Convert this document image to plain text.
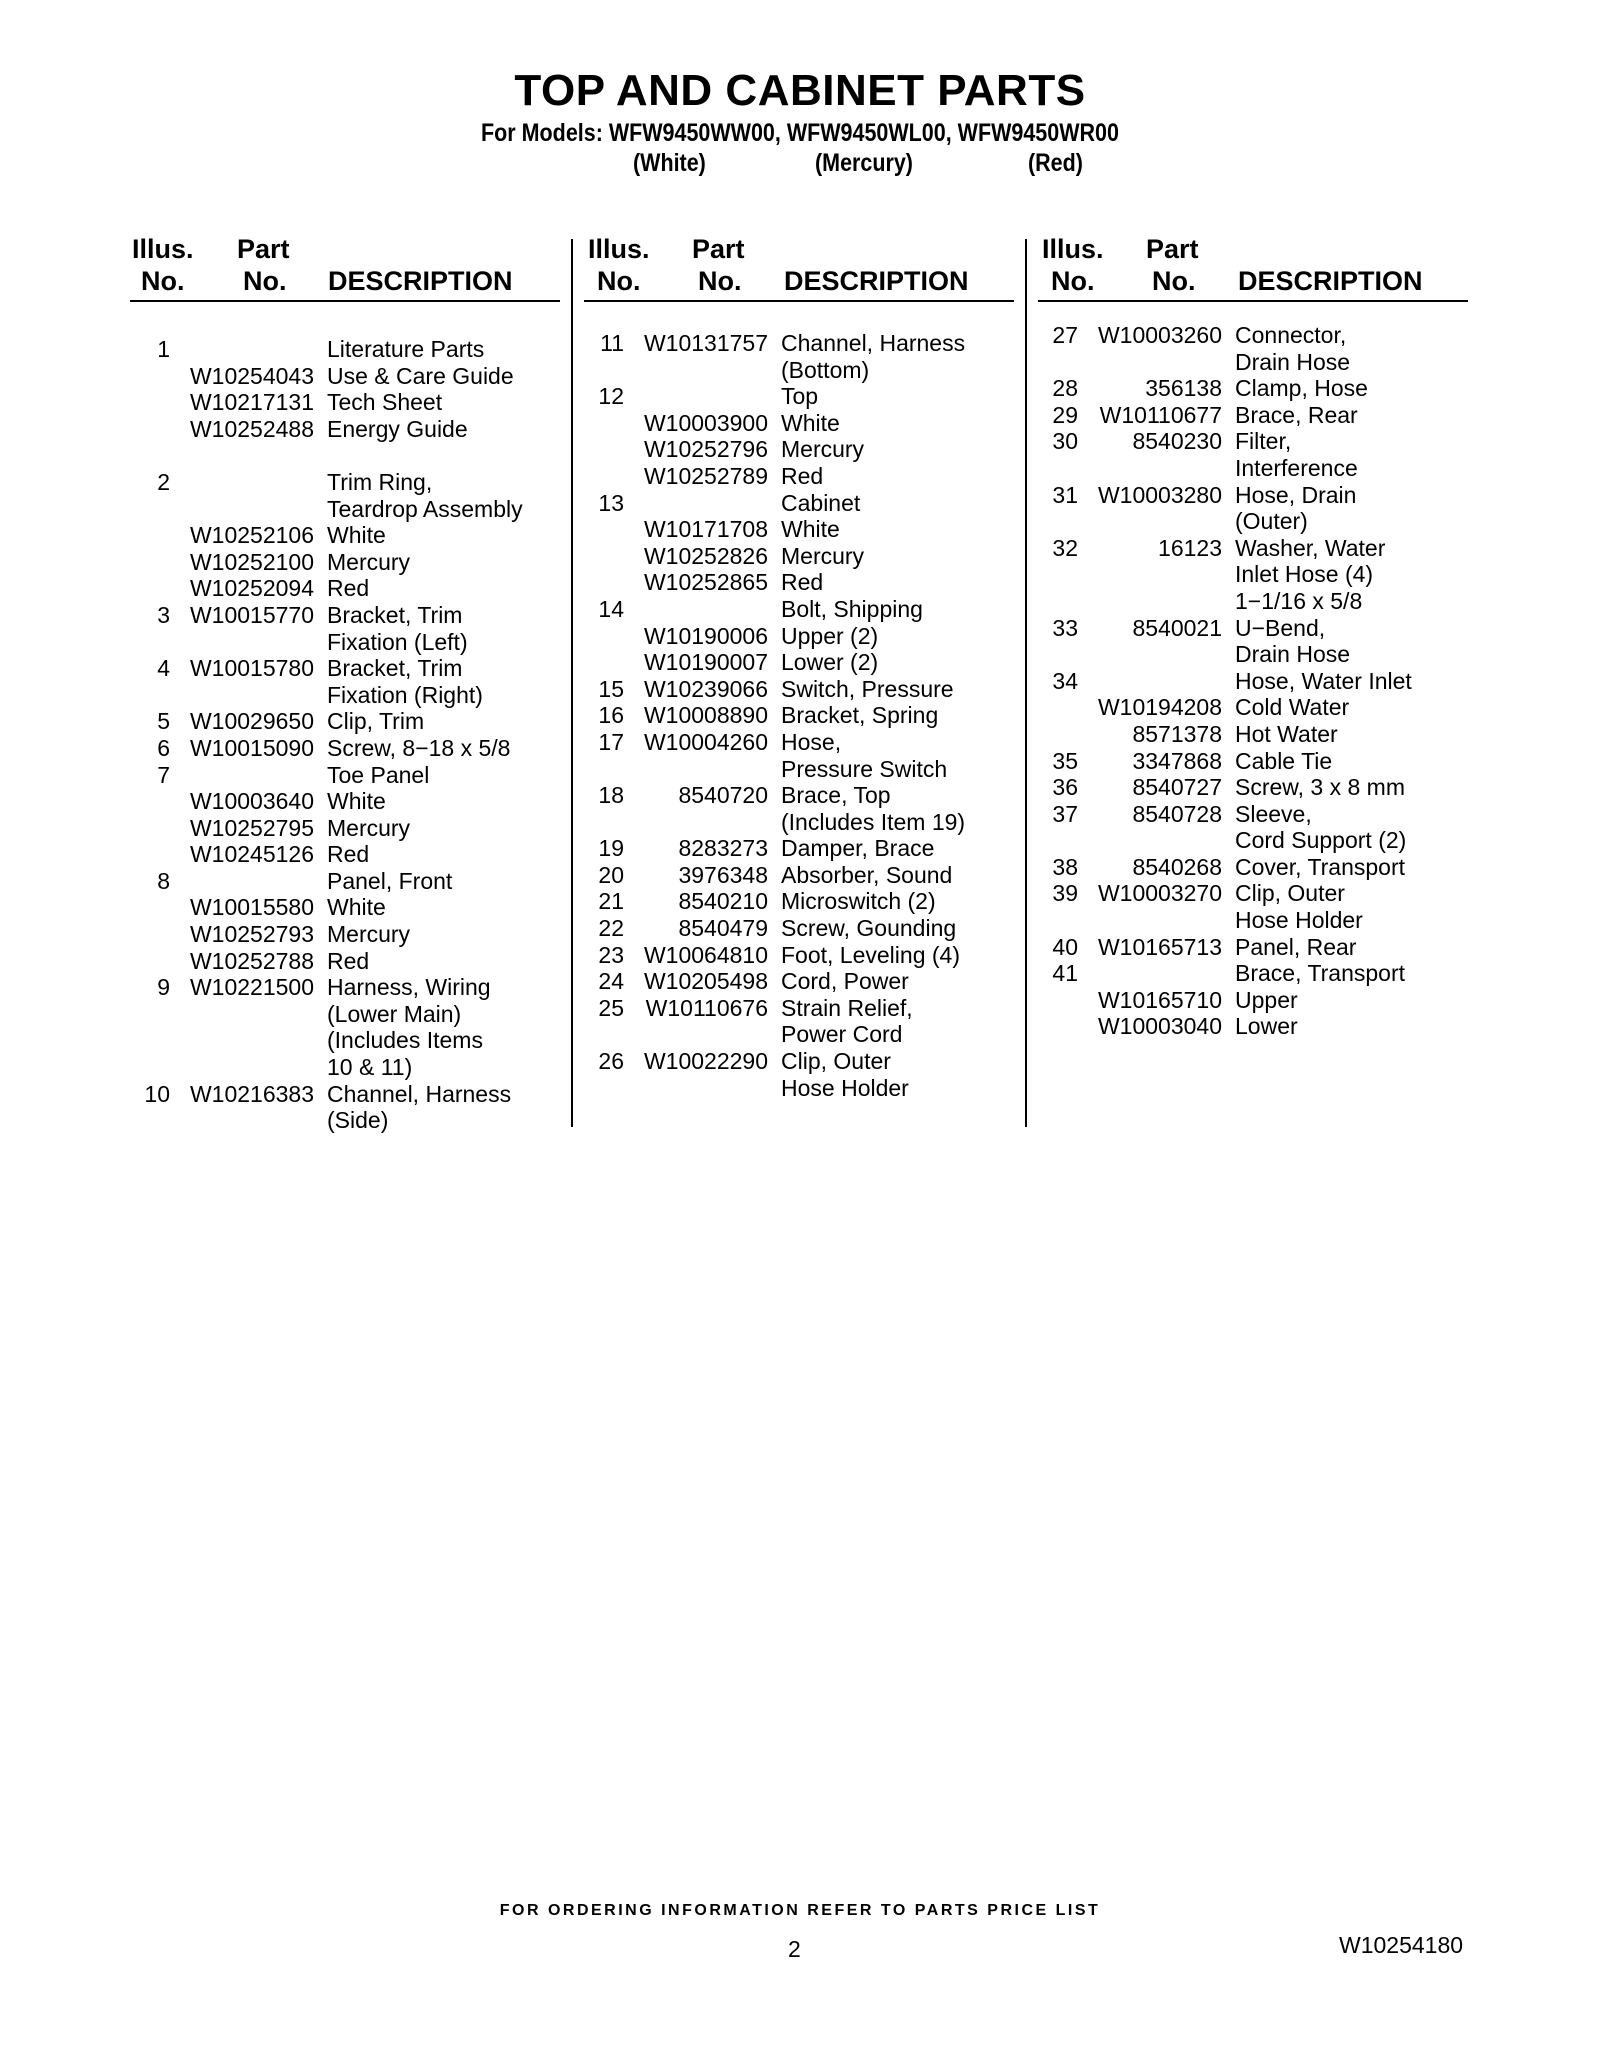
TOP AND CABINET PARTS
For Models: WFW9450WW00, WFW9450WL00, WFW9450WR00
(White)	(Mercury)	(Red)
Illus.
No.
Part
No. DESCRIPTION
1	Literature Parts
W10254043 Use & Care Guide
W10217131 Tech Sheet
W10252488 Energy Guide
2	Trim Ring,
Teardrop Assembly
W10252106 White
W10252100 Mercury
W10252094 Red
3 W10015770 Bracket, Trim
Fixation (Left)
4 W10015780 Bracket, Trim
Fixation (Right)
5 W10029650 Clip, Trim
6 W10015090 Screw, 8−18 x 5/8
7	Toe Panel
W10003640 White
W10252795 Mercury
W10245126 Red
8	Panel, Front
W10015580 White
W10252793 Mercury
W10252788 Red
9 W10221500 Harness, Wiring
(Lower Main)
(Includes Items
10 & 11)
10 W10216383 Channel, Harness
(Side)
Illus.
No.
Part
No. DESCRIPTION
11 W10131757 Channel, Harness
(Bottom)
12	Top
W10003900 White
W10252796 Mercury
W10252789 Red
13	Cabinet
W10171708 White
W10252826 Mercury
W10252865 Red
14	Bolt, Shipping
W10190006 Upper (2)
W10190007 Lower (2)
15 W10239066 Switch, Pressure
16 W10008890 Bracket, Spring
17 W10004260 Hose,
Pressure Switch
18	8540720 Brace, Top
(Includes Item 19)
19	8283273 Damper, Brace
20	3976348 Absorber, Sound
21	8540210 Microswitch (2)
22	8540479 Screw, Gounding
23 W10064810 Foot, Leveling (4)
24 W10205498 Cord, Power
25 W10110676 Strain Relief,
Power Cord
26 W10022290 Clip, Outer
Hose Holder
Illus.
No.
Part
No. DESCRIPTION
27 W10003260 Connector,
Drain Hose
28	356138 Clamp, Hose
29 W10110677 Brace, Rear
30	8540230 Filter,
Interference
31 W10003280 Hose, Drain
(Outer)
32	16123 Washer, Water
Inlet Hose (4)
1−1/16 x 5/8
33	8540021 U−Bend,
Drain Hose
34	Hose, Water Inlet
W10194208 Cold Water
8571378 Hot Water
35	3347868 Cable Tie
36	8540727 Screw, 3 x 8 mm
37	8540728 Sleeve,
Cord Support (2)
38	8540268 Cover, Transport
39 W10003270 Clip, Outer
Hose Holder
40 W10165713 Panel, Rear
41	Brace, Transport
W10165710 Upper
W10003040 Lower
FOR ORDERING INFORMATION REFER TO PARTS PRICE LIST
2	W10254180
